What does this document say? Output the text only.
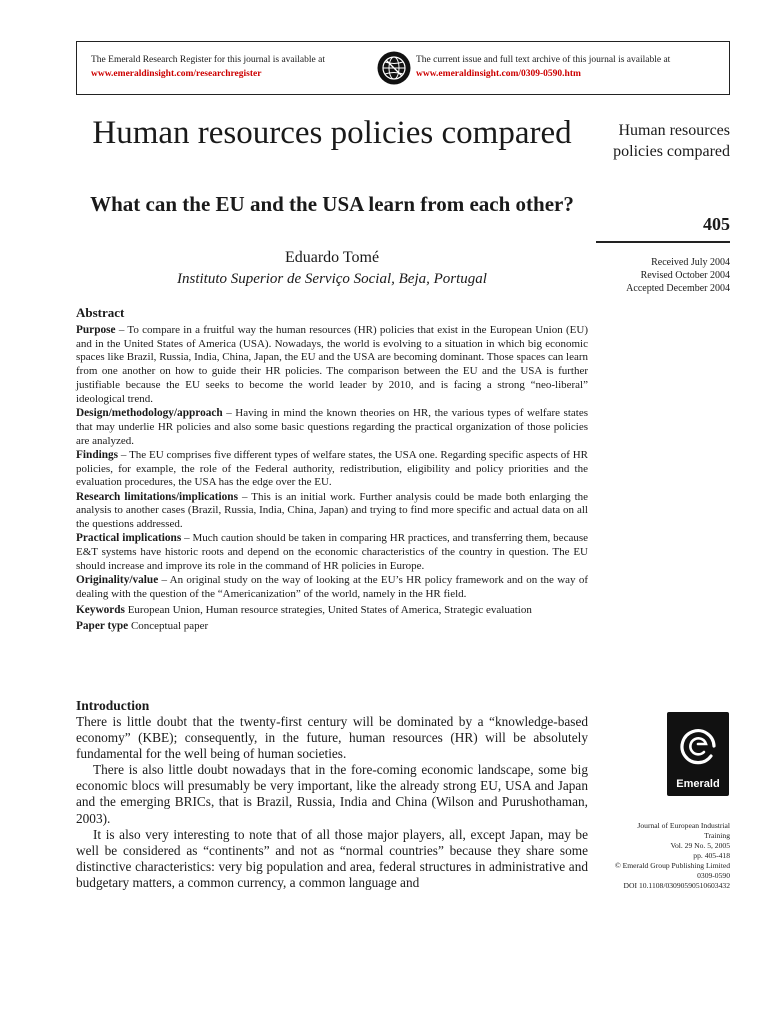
The Emerald Research Register for this journal is available at
www.emeraldinsight.com/researchregister
The current issue and full text archive of this journal is available at
www.emeraldinsight.com/0309-0590.htm
Human resources policies compared
What can the EU and the USA learn from each other?
Eduardo Tomé
Instituto Superior de Serviço Social, Beja, Portugal
Human resources policies compared
405
Received July 2004
Revised October 2004
Accepted December 2004
Abstract

Purpose – To compare in a fruitful way the human resources (HR) policies that exist in the European Union (EU) and in the United States of America (USA). Nowadays, the world is evolving to a situation in which big economic spaces like Brazil, Russia, India, China, Japan, the EU and the USA are becoming dominant. Those spaces can learn from one another on how to guide their HR policies. The comparison between the EU and the USA is further justifiable because the EU seeks to become the world leader by 2010, and is facing a strong “neo-liberal” ideological trend.

Design/methodology/approach – Having in mind the known theories on HR, the various types of welfare states that may underlie HR policies and also some basic questions regarding the practical organization of those policies are analyzed.

Findings – The EU comprises five different types of welfare states, the USA one. Regarding specific aspects of HR policies, for example, the role of the Federal authority, redistribution, eligibility and policy priorities and the evaluation procedures, the USA has the edge over the EU.

Research limitations/implications – This is an initial work. Further analysis could be made both enlarging the analysis to another cases (Brazil, Russia, India, China, Japan) and trying to find more specific and actual data on all the questions addressed.

Practical implications – Much caution should be taken in comparing HR practices, and transferring them, because E&T systems have historic roots and depend on the economic characteristics of the country in question. The EU should increase and improve its role in the command of HR policies in Europe.

Originality/value – An original study on the way of looking at the EU’s HR policy framework and on the way of dealing with the question of the “Americanization” of the world, namely in the HR field.

Keywords European Union, Human resource strategies, United States of America, Strategic evaluation

Paper type Conceptual paper

Introduction

There is little doubt that the twenty-first century will be dominated by a “knowledge-based economy” (KBE); consequently, in the future, human resources (HR) will be absolutely fundamental for the well being of human societies.

There is also little doubt nowadays that in the fore-coming economic landscape, some big economic blocs will presumably be very important, like the already strong EU, USA and Japan and the emerging BRICs, that is Brazil, Russia, India and China (Wilson and Purushothaman, 2003).

It is also very interesting to note that of all those major players, all, except Japan, may be well be considered as “continents” and not as “normal countries” because they share some distinctive characteristics: very big population and area, federal structures in administrative and budgetary matters, a common currency, a common language and

Emerald
Journal of European Industrial
Training
Vol. 29 No. 5, 2005
pp. 405-418
© Emerald Group Publishing Limited
0309-0590
DOI 10.1108/03090590510603432
